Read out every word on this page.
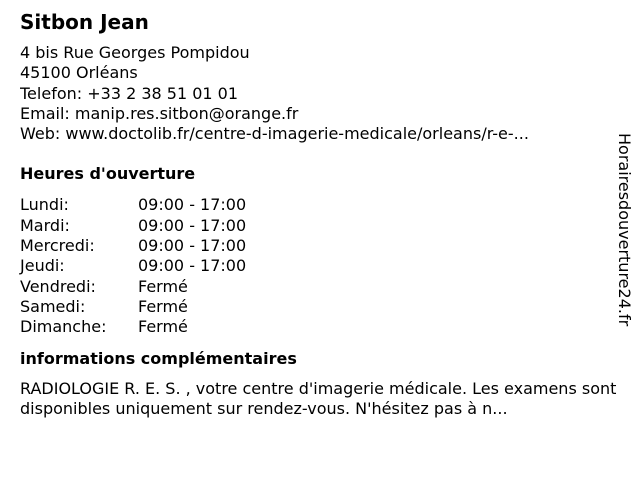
Sitbon Jean
4 bis Rue Georges Pompidou
45100 Orléans
Telefon: +33 2 38 51 01 01
Email: manip.res.sitbon@orange.fr
Web: www.doctolib.fr/centre-d-imagerie-medicale/orleans/r-e-...
Heures d'ouverture
Lundi:	09:00 - 17:00
Mardi:	09:00 - 17:00
Mercredi:	09:00 - 17:00
Jeudi:	09:00 - 17:00
Vendredi:	Fermé
Samedi:	Fermé
Dimanche:	Fermé
informations complémentaires
RADIOLOGIE R. E. S. , votre centre d'imagerie médicale. Les examens sont disponibles uniquement sur rendez-vous. N'hésitez pas à n...
Horairesdouverture24.fr
